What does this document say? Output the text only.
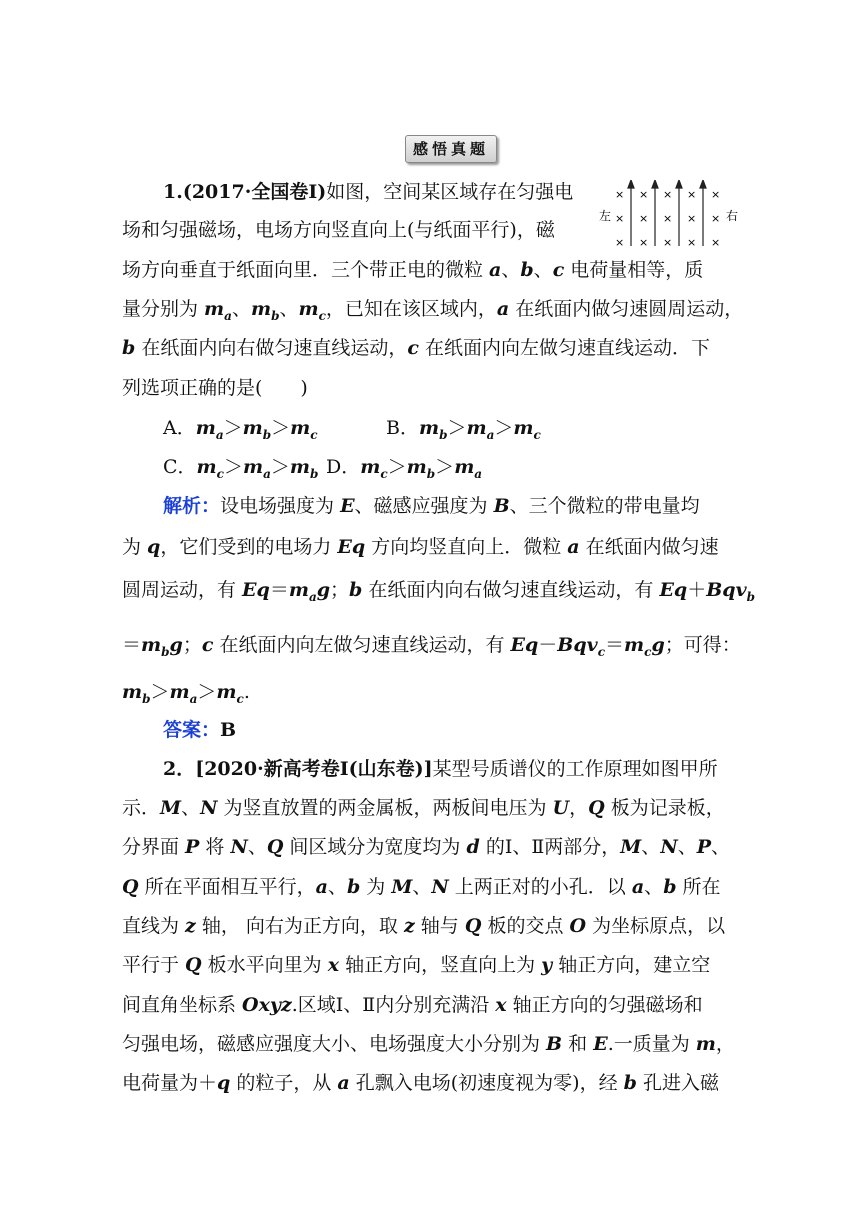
感悟真题
左	右
×
×
×
×
×
×
×
×
×
×
×
×
×
×
×
1.(2017·全国卷Ⅰ)如图，空间某区域存在匀强电
场和匀强磁场，电场方向竖直向上(与纸面平行)，磁
场方向垂直于纸面向里．三个带正电的微粒 a、b、c 电荷量相等，质
量分别为 $m_a$、$m_b$、$m_c$，已知在该区域内，a 在纸面内做匀速圆周运动，
b 在纸面内向右做匀速直线运动，c 在纸面内向左做匀速直线运动．下
列选项正确的是(　　)
A．$m_a>m_b>m_c$	B．$m_b>m_a>m_c$
C．$m_c>m_a>m_b$ D．$m_c>m_b>m_a$
解析：设电场强度为 E、磁感应强度为 B、三个微粒的带电量均
为 q，它们受到的电场力 Eq 方向均竖直向上．微粒 a 在纸面内做匀速
圆周运动，有 $Eq=m_ag$；b 在纸面内向右做匀速直线运动，有 Eq＋Bqv$_b$
$=m_bg$；c 在纸面内向左做匀速直线运动，有 $Eq-Bqv_c=m_cg$；可得：
$m_b>m_a>m_c$.
答案：B
2．[2020·新高考卷Ⅰ(山东卷)]某型号质谱仪的工作原理如图甲所
示．M、N 为竖直放置的两金属板，两板间电压为 U，Q 板为记录板，
分界面 P 将 N、Q 间区域分为宽度均为 d 的Ⅰ、Ⅱ两部分，M、N、P、
Q 所在平面相互平行，a、b 为 M、N 上两正对的小孔．以 a、b 所在
直线为 z 轴， 向右为正方向，取 z 轴与 Q 板的交点 O 为坐标原点，以
平行于 Q 板水平向里为 x 轴正方向，竖直向上为 y 轴正方向，建立空
间直角坐标系 Oxyz.区域Ⅰ、Ⅱ内分别充满沿 x 轴正方向的匀强磁场和
匀强电场，磁感应强度大小、电场强度大小分别为 B 和 E.一质量为 m，
电荷量为＋q 的粒子，从 a 孔飘入电场(初速度视为零)，经 b 孔进入磁
